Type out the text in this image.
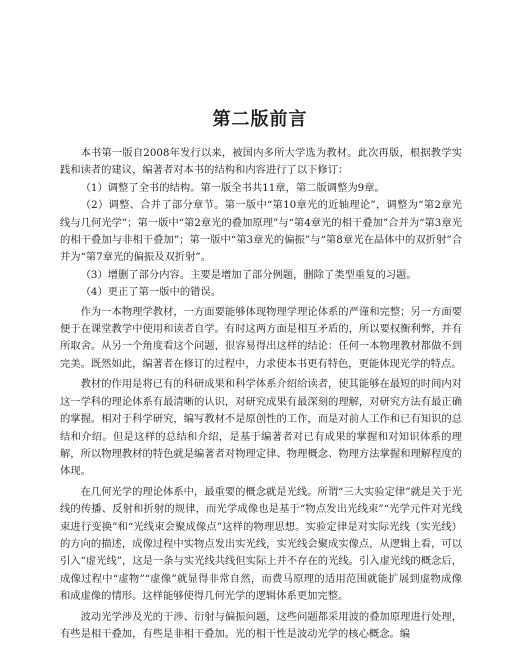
第二版前言

本书第一版自2008年发行以来，被国内多所大学选为教材。此次再版，根据教学实践和读者的建议，编著者对本书的结构和内容进行了以下修订：

（1）调整了全书的结构。第一版全书共11章，第二版调整为9章。

（2）调整、合并了部分章节。第一版中“第10章光的近轴理论”，调整为“第2章光线与几何光学”；第一版中“第2章光的叠加原理”与“第4章光的相干叠加”合并为“第3章光的相干叠加与非相干叠加”；第一版中“第3章光的偏振”与“第8章光在晶体中的双折射”合并为“第7章光的偏振及双折射”。

（3）增删了部分内容。主要是增加了部分例题，删除了类型重复的习题。

（4）更正了第一版中的错误。

作为一本物理学教材，一方面要能够体现物理学理论体系的严谨和完整；另一方面要便于在课堂教学中使用和读者自学。有时这两方面是相互矛盾的，所以要权衡利弊，并有所取舍。从另一个角度看这个问题，很容易得出这样的结论：任何一本物理教材都做不到完美。既然如此，编著者在修订的过程中，力求使本书更有特色，更能体现光学的特点。

教材的作用是将已有的科研成果和科学体系介绍给读者，使其能够在最短的时间内对这一学科的理论体系有最清晰的认识，对研究成果有最深刻的理解，对研究方法有最正确的掌握。相对于科学研究，编写教材不是原创性的工作，而是对前人工作和已有知识的总结和介绍。但是这样的总结和介绍，是基于编著者对已有成果的掌握和对知识体系的理解，所以物理教材的特色就是编著者对物理定律、物理概念、物理方法掌握和理解程度的体现。

在几何光学的理论体系中，最重要的概念就是光线。所谓“三大实验定律”就是关于光线的传播、反射和折射的规律，而光学成像也是基于“物点发出光线束”“光学元件对光线束进行变换”和“光线束会聚成像点”这样的物理思想。实验定律是对实际光线（实光线）的方向的描述，成像过程中实物点发出实光线，实光线会聚成实像点，从逻辑上看，可以引入“虚光线”，这是一条与实光线共线但实际上并不存在的光线。引入虚光线的概念后，成像过程中“虚物”“虚像”就显得非常自然，而费马原理的适用范围就能扩展到虚物成像和成虚像的情形。这样能够使得几何光学的逻辑体系更加完整。

波动光学涉及光的干涉、衍射与偏振问题，这些问题都采用波的叠加原理进行处理，有些是相干叠加，有些是非相干叠加。光的相干性是波动光学的核心概念。编
